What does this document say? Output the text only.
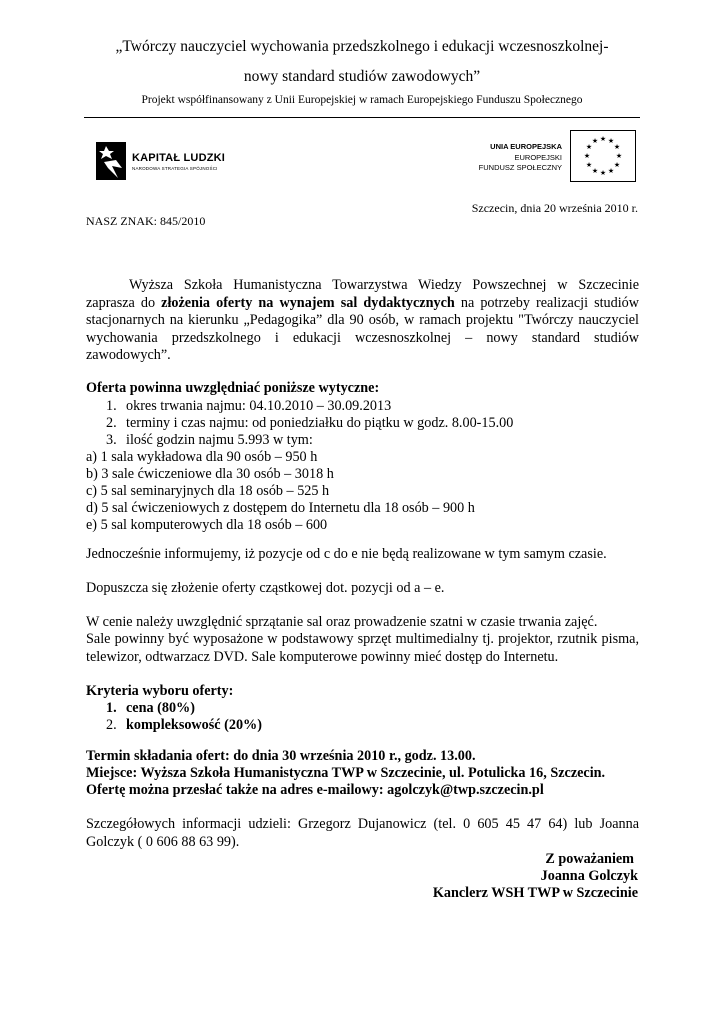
„Twórczy nauczyciel wychowania przedszkolnego i edukacji wczesnoszkolnej-
nowy standard studiów zawodowych”
Projekt współfinansowany z Unii Europejskiej w ramach Europejskiego Funduszu Społecznego
KAPITAŁ LUDZKI
NARODOWA STRATEGIA SPÓJNOŚCI
UNIA EUROPEJSKA
EUROPEJSKI
FUNDUSZ SPOŁECZNY
★ ★
★
★
★
★
★
★
★
★
★
★
Szczecin, dnia 20 września 2010 r.
NASZ ZNAK: 845/2010
Wyższa Szkoła Humanistyczna Towarzystwa Wiedzy Powszechnej w Szczecinie zaprasza do złożenia oferty na wynajem sal dydaktycznych na potrzeby realizacji studiów stacjonarnych na kierunku „Pedagogika” dla 90 osób, w ramach projektu "Twórczy nauczyciel wychowania przedszkolnego i edukacji wczesnoszkolnej – nowy standard studiów zawodowych”.
Oferta powinna uwzględniać poniższe wytyczne:
1. okres trwania najmu: 04.10.2010 – 30.09.2013
2. terminy i czas najmu: od poniedziałku do piątku w godz. 8.00-15.00
3. ilość godzin najmu 5.993 w tym:
a) 1 sala wykładowa dla 90 osób – 950 h
b) 3 sale ćwiczeniowe dla 30 osób – 3018 h
c) 5 sal seminaryjnych dla 18 osób – 525 h
d) 5 sal ćwiczeniowych z dostępem do Internetu dla 18 osób – 900 h
e) 5 sal komputerowych dla 18 osób – 600
Jednocześnie informujemy, iż pozycje od c do e nie będą realizowane w tym samym czasie.
Dopuszcza się złożenie oferty cząstkowej dot. pozycji od a – e.
W cenie należy uwzględnić sprzątanie sal oraz prowadzenie szatni w czasie trwania zajęć.
Sale powinny być wyposażone w podstawowy sprzęt multimedialny tj. projektor, rzutnik pisma, telewizor, odtwarzacz DVD. Sale komputerowe powinny mieć dostęp do Internetu.
Kryteria wyboru oferty:
1. cena (80%)
2. kompleksowość (20%)
Termin składania ofert: do dnia 30 września 2010 r., godz. 13.00.
Miejsce: Wyższa Szkoła Humanistyczna TWP w Szczecinie, ul. Potulicka 16, Szczecin.
Ofertę można przesłać także na adres e-mailowy: agolczyk@twp.szczecin.pl
Szczegółowych informacji udzieli: Grzegorz Dujanowicz (tel. 0 605 45 47 64) lub Joanna Golczyk ( 0 606 88 63 99).
Z poważaniem
Joanna Golczyk
Kanclerz WSH TWP w Szczecinie
